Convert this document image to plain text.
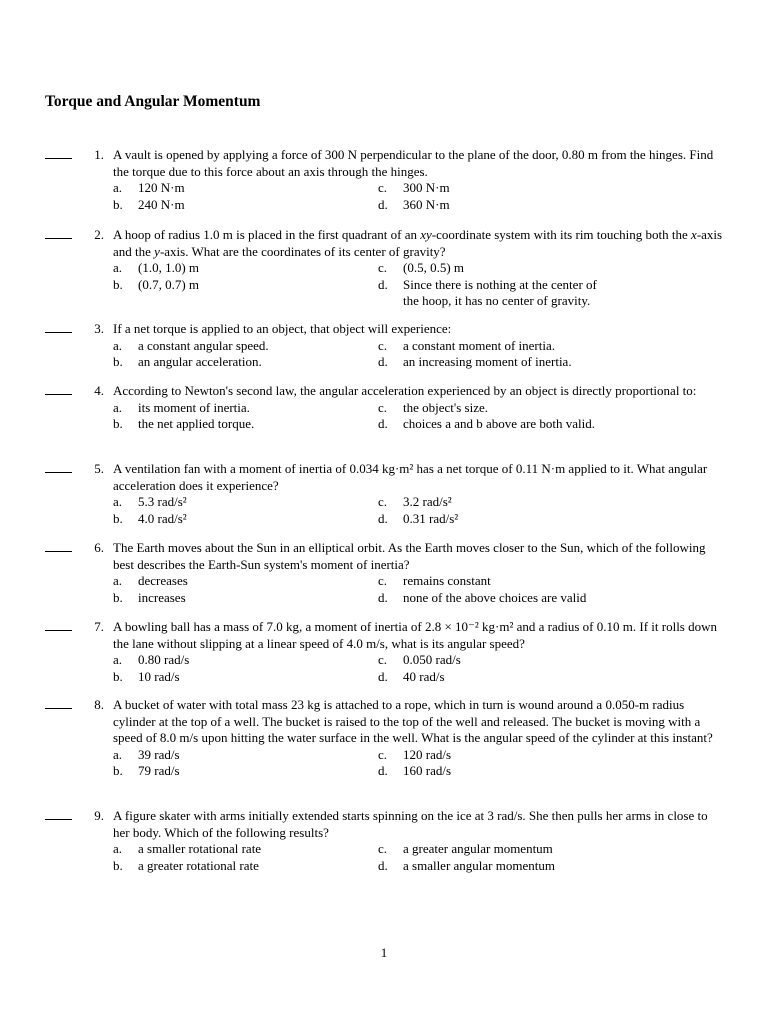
Torque and Angular Momentum
1. A vault is opened by applying a force of 300 N perpendicular to the plane of the door, 0.80 m from the hinges. Find the torque due to this force about an axis through the hinges.
a.	120 N·m	c.	300 N·m
b.	240 N·m	d.	360 N·m
2. A hoop of radius 1.0 m is placed in the first quadrant of an xy-coordinate system with its rim touching both the x-axis and the y-axis. What are the coordinates of its center of gravity?
a.	(1.0, 1.0) m	c.	(0.5, 0.5) m
b.	(0.7, 0.7) m	d.	Since there is nothing at the center of the hoop, it has no center of gravity.
3. If a net torque is applied to an object, that object will experience:
a.	a constant angular speed.	c.	a constant moment of inertia.
b.	an angular acceleration.	d.	an increasing moment of inertia.
4. According to Newton's second law, the angular acceleration experienced by an object is directly proportional to:
a.	its moment of inertia.	c.	the object's size.
b.	the net applied torque.	d.	choices a and b above are both valid.
5. A ventilation fan with a moment of inertia of 0.034 kg·m² has a net torque of 0.11 N·m applied to it. What angular acceleration does it experience?
a.	5.3 rad/s²	c.	3.2 rad/s²
b.	4.0 rad/s²	d.	0.31 rad/s²
6. The Earth moves about the Sun in an elliptical orbit. As the Earth moves closer to the Sun, which of the following best describes the Earth-Sun system's moment of inertia?
a.	decreases	c.	remains constant
b.	increases	d.	none of the above choices are valid
7. A bowling ball has a mass of 7.0 kg, a moment of inertia of 2.8 × 10⁻² kg·m² and a radius of 0.10 m. If it rolls down the lane without slipping at a linear speed of 4.0 m/s, what is its angular speed?
a.	0.80 rad/s	c.	0.050 rad/s
b.	10 rad/s	d.	40 rad/s
8. A bucket of water with total mass 23 kg is attached to a rope, which in turn is wound around a 0.050-m radius cylinder at the top of a well. The bucket is raised to the top of the well and released. The bucket is moving with a speed of 8.0 m/s upon hitting the water surface in the well. What is the angular speed of the cylinder at this instant?
a.	39 rad/s	c.	120 rad/s
b.	79 rad/s	d.	160 rad/s
9. A figure skater with arms initially extended starts spinning on the ice at 3 rad/s. She then pulls her arms in close to her body. Which of the following results?
a.	a smaller rotational rate	c.	a greater angular momentum
b.	a greater rotational rate	d.	a smaller angular momentum
1
